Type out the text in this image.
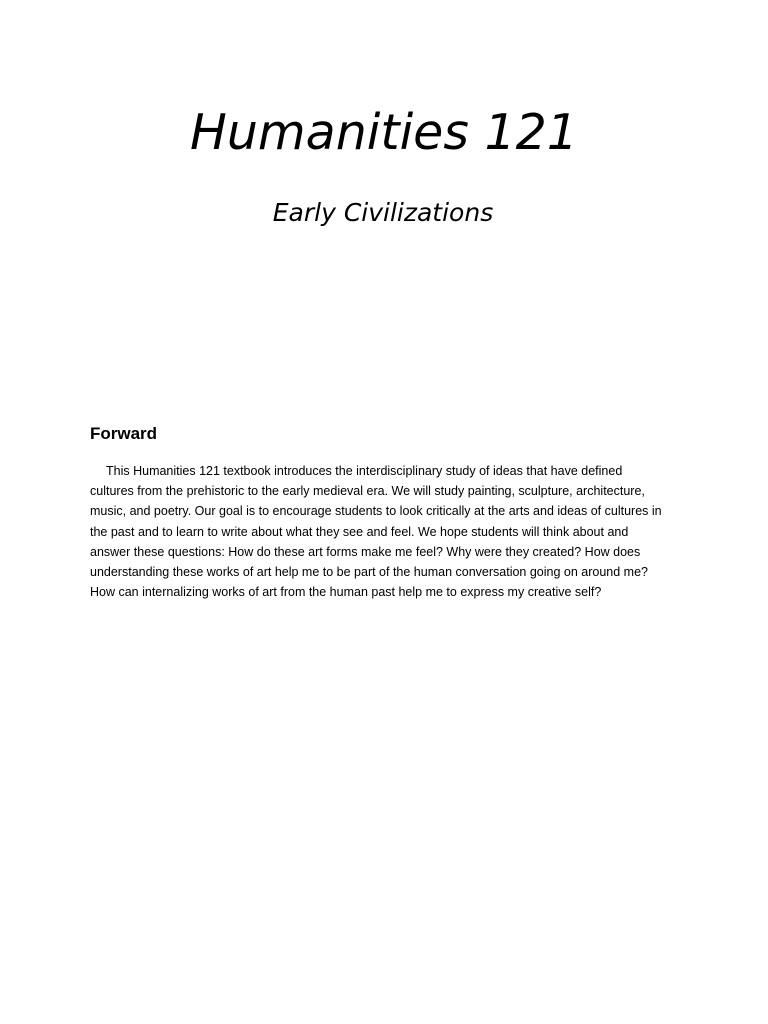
Humanities 121
Early Civilizations
Forward

This Humanities 121 textbook introduces the interdisciplinary study of ideas that have defined
cultures from the prehistoric to the early medieval era. We will study painting, sculpture, architecture,
music, and poetry. Our goal is to encourage students to look critically at the arts and ideas of cultures in
the past and to learn to write about what they see and feel. We hope students will think about and
answer these questions: How do these art forms make me feel? Why were they created? How does
understanding these works of art help me to be part of the human conversation going on around me?
How can internalizing works of art from the human past help me to express my creative self?
